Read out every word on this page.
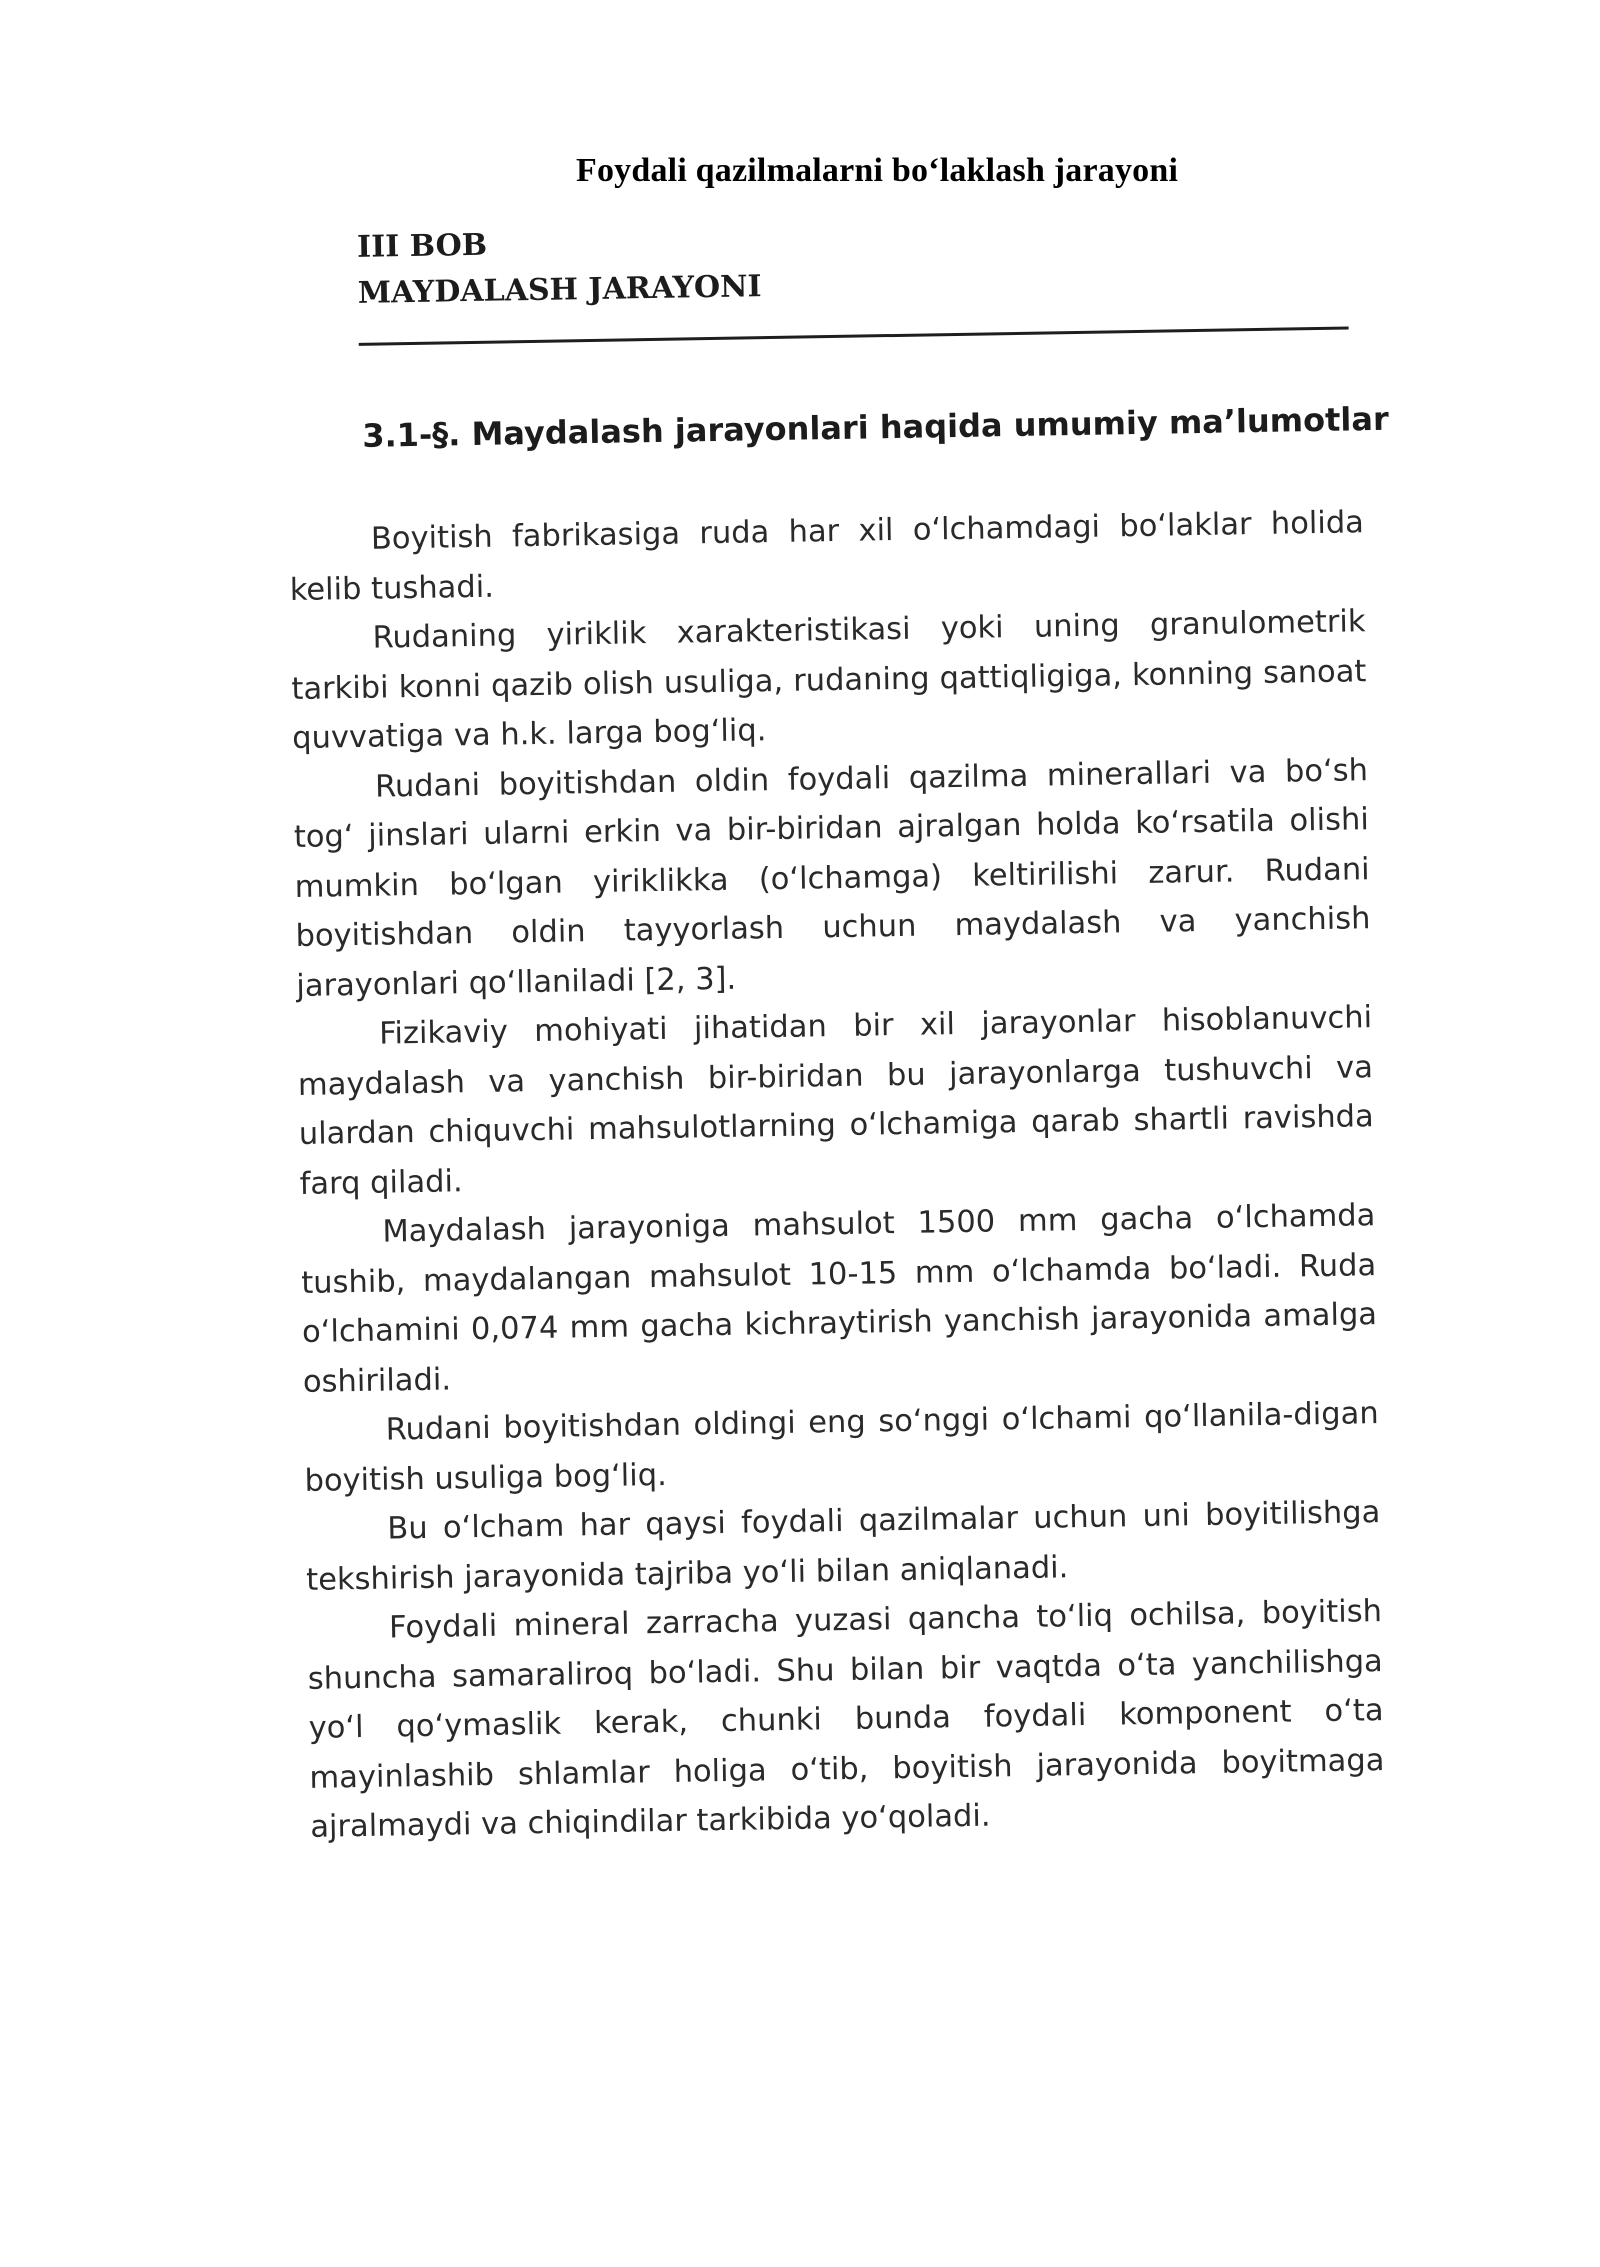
Foydali qazilmalarni bo‘laklash jarayoni
III BOB
MAYDALASH JARAYONI
3.1-§. Maydalash jarayonlari haqida umumiy ma’lumotlar

Boyitish fabrikasiga ruda har xil o‘lchamdagi bo‘laklar holida kelib tushadi.

Rudaning yiriklik xarakteristikasi yoki uning granulometrik tarkibi konni qazib olish usuliga, rudaning qattiqligiga, konning sanoat quvvatiga va h.k. larga bog‘liq.

Rudani boyitishdan oldin foydali qazilma minerallari va bo‘sh tog‘ jinslari ularni erkin va bir-biridan ajralgan holda ko‘rsatila olishi mumkin bo‘lgan yiriklikka (o‘lchamga) keltirilishi zarur. Rudani boyitishdan oldin tayyorlash uchun maydalash va yanchish jarayonlari qo‘llaniladi [2, 3].

Fizikaviy mohiyati jihatidan bir xil jarayonlar hisoblanuvchi maydalash va yanchish bir-biridan bu jarayonlarga tushuvchi va ulardan chiquvchi mahsulotlarning o‘lchamiga qarab shartli ravishda farq qiladi.

Maydalash jarayoniga mahsulot 1500 mm gacha o‘lchamda tushib, maydalangan mahsulot 10-15 mm o‘lchamda bo‘ladi. Ruda o‘lchamini 0,074 mm gacha kichraytirish yanchish jarayonida amalga oshiriladi.

Rudani boyitishdan oldingi eng so‘nggi o‘lchami qo‘llanila-digan boyitish usuliga bog‘liq.

Bu o‘lcham har qaysi foydali qazilmalar uchun uni boyitilishga tekshirish jarayonida tajriba yo‘li bilan aniqlanadi.

Foydali mineral zarracha yuzasi qancha to‘liq ochilsa, boyitish shuncha samaraliroq bo‘ladi. Shu bilan bir vaqtda o‘ta yanchilishga yo‘l qo‘ymaslik kerak, chunki bunda foydali komponent o‘ta mayinlashib shlamlar holiga o‘tib, boyitish jarayonida boyitmaga ajralmaydi va chiqindilar tarkibida yo‘qoladi.
